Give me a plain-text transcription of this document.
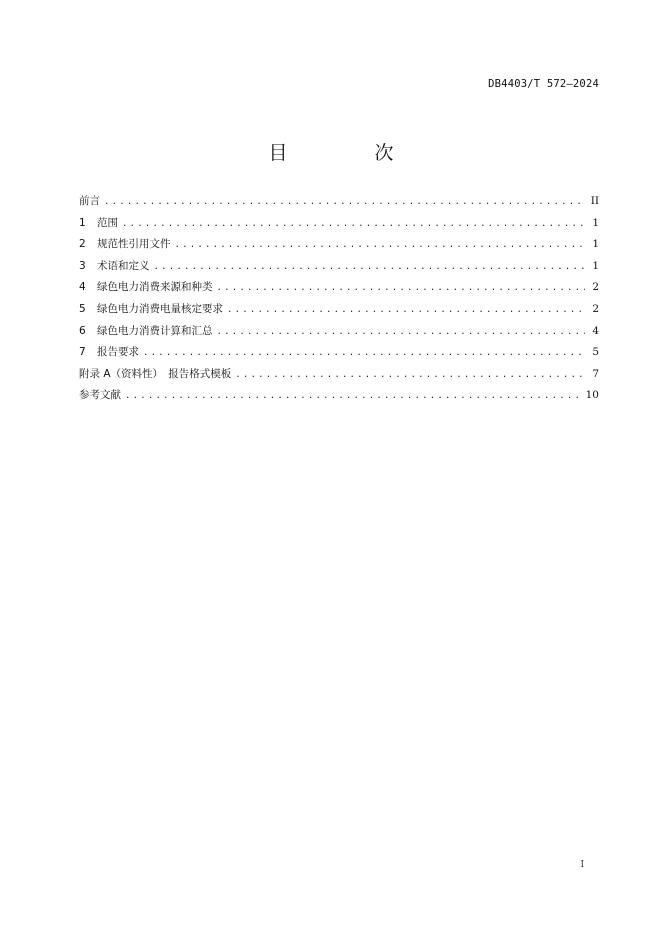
DB4403/T 572—2024
目　次
前言 .....	II
1	范围 .....	1
2	规范性引用文件 .....	1
3	术语和定义 .....	1
4	绿色电力消费来源和种类 .....	2
5	绿色电力消费电量核定要求 .....	2
6	绿色电力消费计算和汇总 .....	4
7	报告要求 .....	5
附录 A（资料性）　报告格式模板 .....	7
参考文献 .....	10
I
